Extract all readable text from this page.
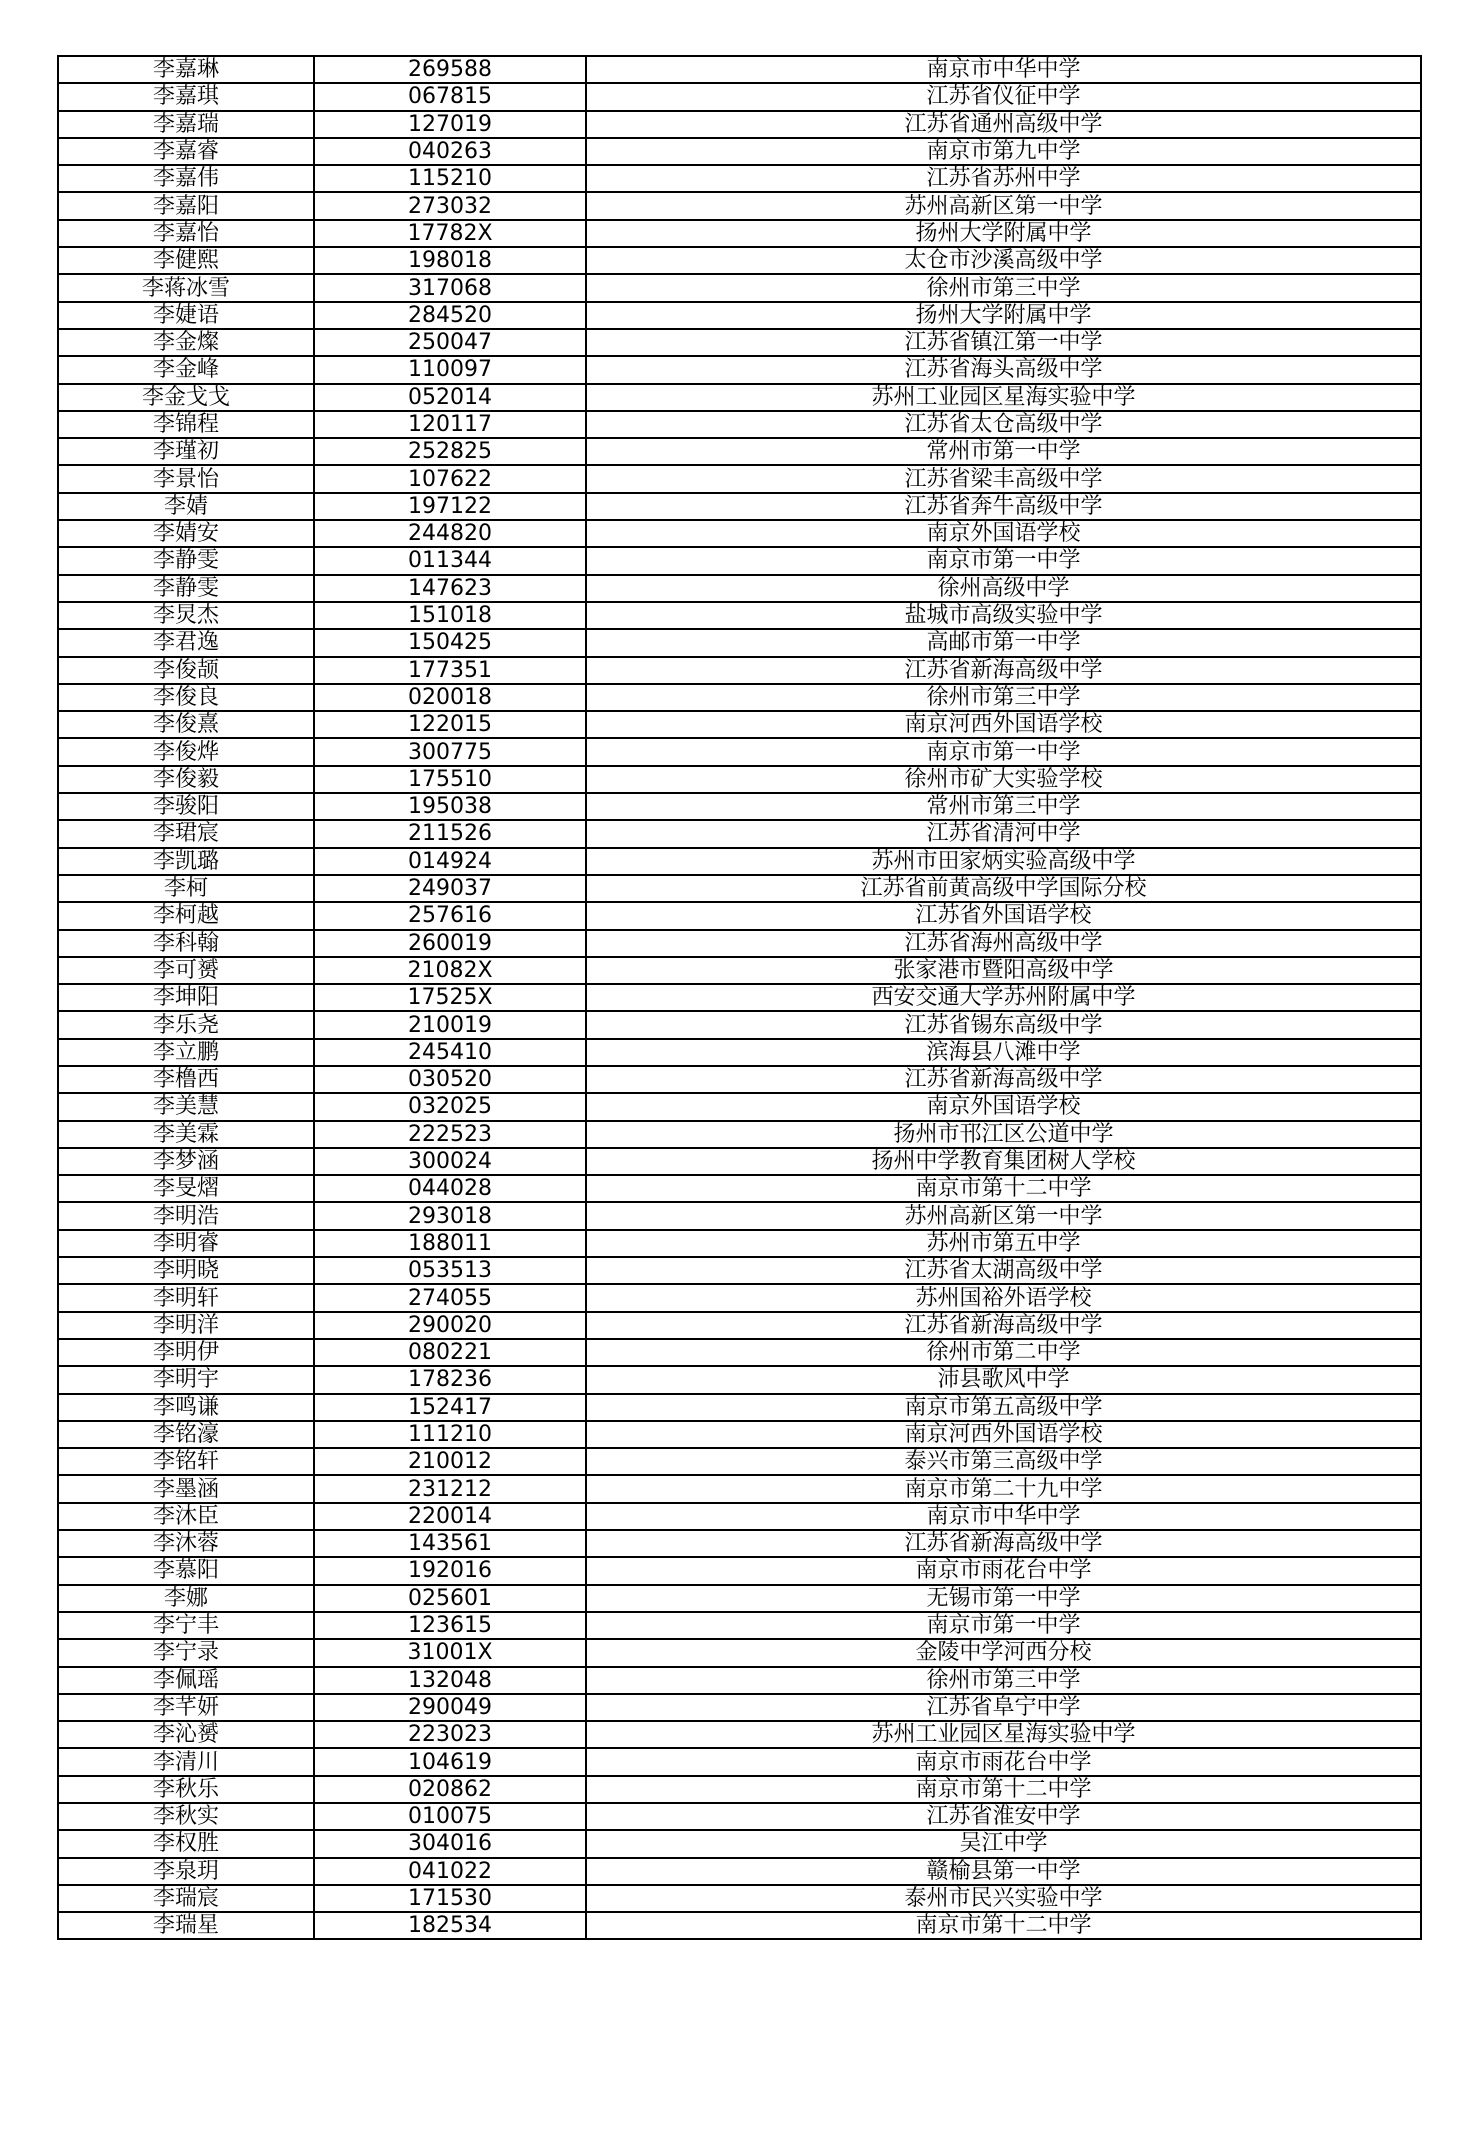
李嘉琳	269588	南京市中华中学
李嘉琪	067815	江苏省仪征中学
李嘉瑞	127019	江苏省通州高级中学
李嘉睿	040263	南京市第九中学
李嘉伟	115210	江苏省苏州中学
李嘉阳	273032	苏州高新区第一中学
李嘉怡	17782X	扬州大学附属中学
李健熙	198018	太仓市沙溪高级中学
李蒋冰雪	317068	徐州市第三中学
李婕语	284520	扬州大学附属中学
李金燦	250047	江苏省镇江第一中学
李金峰	110097	江苏省海头高级中学
李金戈戈	052014	苏州工业园区星海实验中学
李锦程	120117	江苏省太仓高级中学
李瑾初	252825	常州市第一中学
李景怡	107622	江苏省梁丰高级中学
李婧	197122	江苏省奔牛高级中学
李婧安	244820	南京外国语学校
李静雯	011344	南京市第一中学
李静雯	147623	徐州高级中学
李炅杰	151018	盐城市高级实验中学
李君逸	150425	高邮市第一中学
李俊颉	177351	江苏省新海高级中学
李俊良	020018	徐州市第三中学
李俊熹	122015	南京河西外国语学校
李俊烨	300775	南京市第一中学
李俊毅	175510	徐州市矿大实验学校
李骏阳	195038	常州市第三中学
李珺宸	211526	江苏省清河中学
李凯璐	014924	苏州市田家炳实验高级中学
李柯	249037	江苏省前黄高级中学国际分校
李柯越	257616	江苏省外国语学校
李科翰	260019	江苏省海州高级中学
李可赟	21082X	张家港市暨阳高级中学
李坤阳	17525X	西安交通大学苏州附属中学
李乐尧	210019	江苏省锡东高级中学
李立鹏	245410	滨海县八滩中学
李橹西	030520	江苏省新海高级中学
李美慧	032025	南京外国语学校
李美霖	222523	扬州市邗江区公道中学
李梦涵	300024	扬州中学教育集团树人学校
李旻熠	044028	南京市第十二中学
李明浩	293018	苏州高新区第一中学
李明睿	188011	苏州市第五中学
李明晓	053513	江苏省太湖高级中学
李明轩	274055	苏州国裕外语学校
李明洋	290020	江苏省新海高级中学
李明伊	080221	徐州市第二中学
李明宇	178236	沛县歌风中学
李鸣谦	152417	南京市第五高级中学
李铭濠	111210	南京河西外国语学校
李铭轩	210012	泰兴市第三高级中学
李墨涵	231212	南京市第二十九中学
李沐臣	220014	南京市中华中学
李沐蓉	143561	江苏省新海高级中学
李慕阳	192016	南京市雨花台中学
李娜	025601	无锡市第一中学
李宁丰	123615	南京市第一中学
李宁录	31001X	金陵中学河西分校
李佩瑶	132048	徐州市第三中学
李芊妍	290049	江苏省阜宁中学
李沁赟	223023	苏州工业园区星海实验中学
李清川	104619	南京市雨花台中学
李秋乐	020862	南京市第十二中学
李秋实	010075	江苏省淮安中学
李权胜	304016	吴江中学
李泉玥	041022	赣榆县第一中学
李瑞宸	171530	泰州市民兴实验中学
李瑞星	182534	南京市第十二中学
